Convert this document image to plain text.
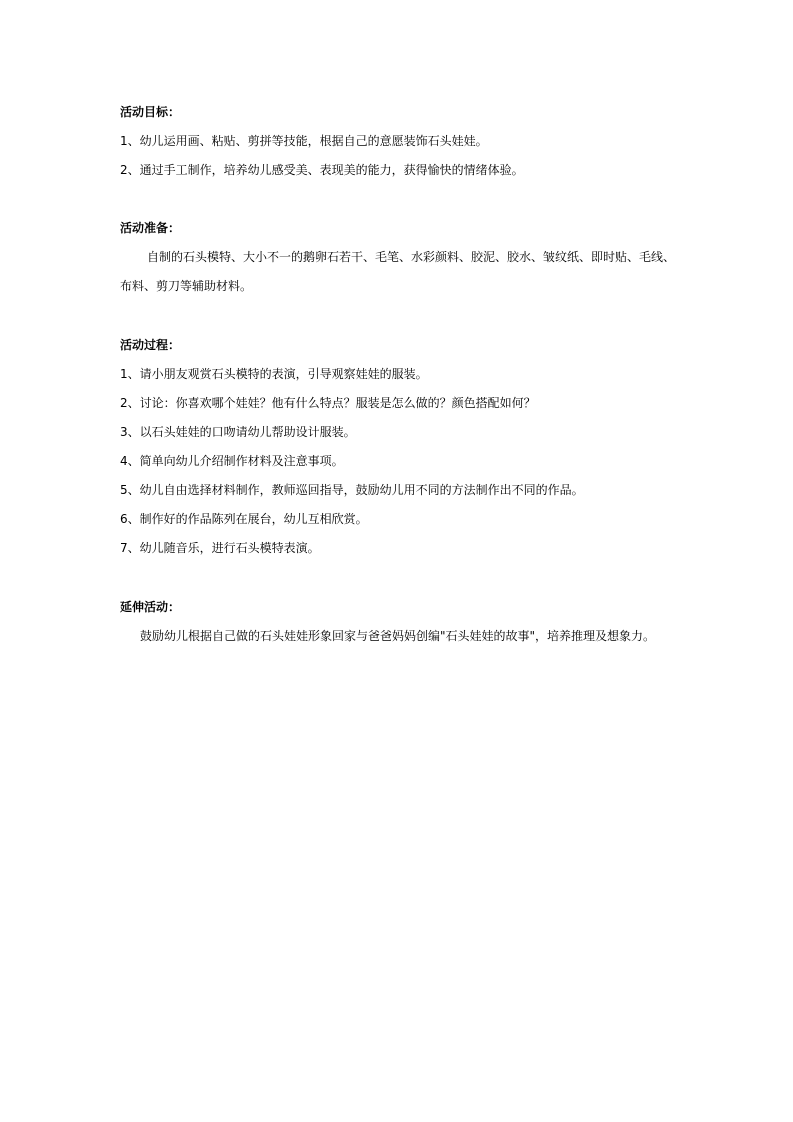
活动目标：
1、幼儿运用画、粘贴、剪拼等技能，根据自己的意愿装饰石头娃娃。
2、通过手工制作，培养幼儿感受美、表现美的能力，获得愉快的情绪体验。
活动准备：
自制的石头模特、大小不一的鹅卵石若干、毛笔、水彩颜料、胶泥、胶水、皱纹纸、即时贴、毛线、
布料、剪刀等辅助材料。
活动过程：
1、请小朋友观赏石头模特的表演，引导观察娃娃的服装。
2、讨论：你喜欢哪个娃娃？他有什么特点？服装是怎么做的？颜色搭配如何？
3、以石头娃娃的口吻请幼儿帮助设计服装。
4、简单向幼儿介绍制作材料及注意事项。
5、幼儿自由选择材料制作，教师巡回指导，鼓励幼儿用不同的方法制作出不同的作品。
6、制作好的作品陈列在展台，幼儿互相欣赏。
7、幼儿随音乐，进行石头模特表演。
延伸活动：
鼓励幼儿根据自己做的石头娃娃形象回家与爸爸妈妈创编"石头娃娃的故事"，培养推理及想象力。
